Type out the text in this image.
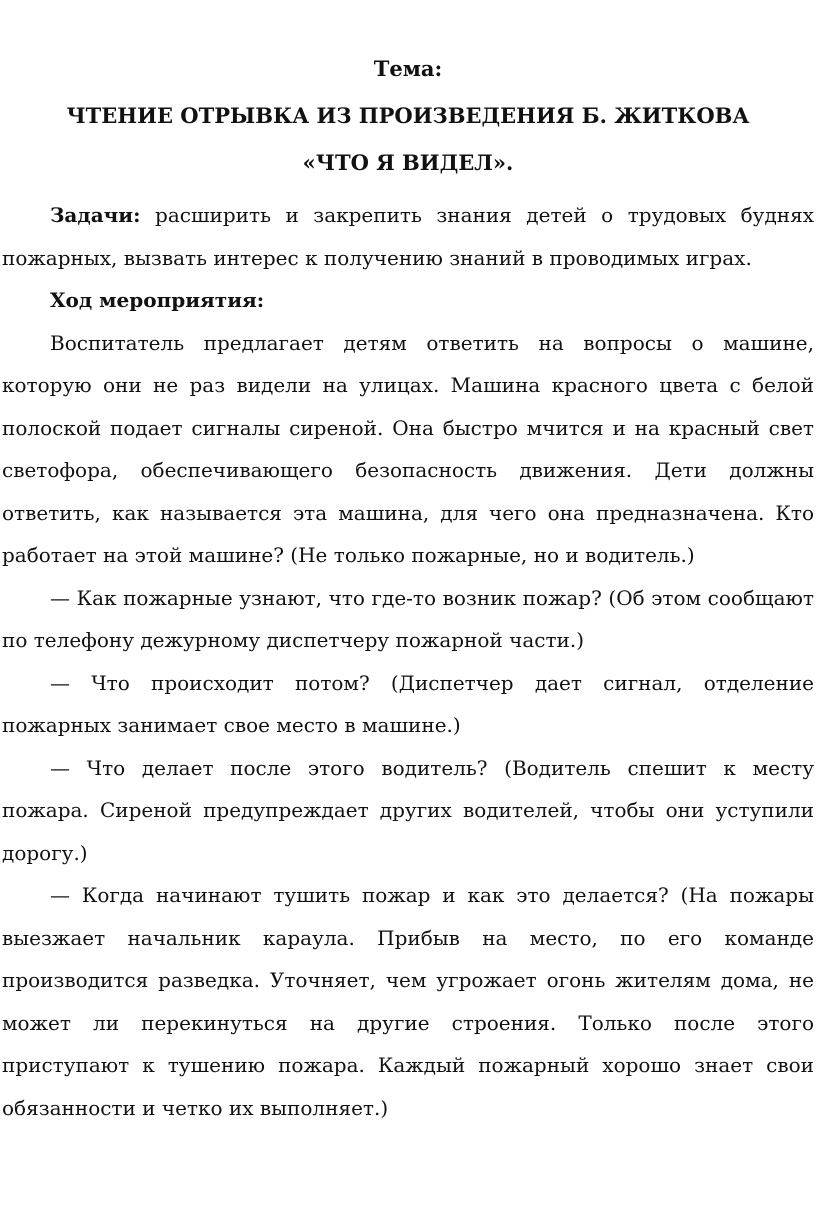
Тема:
ЧТЕНИЕ ОТРЫВКА ИЗ ПРОИЗВЕДЕНИЯ Б. ЖИТКОВА
«ЧТО Я ВИДЕЛ».

Задачи: расширить и закрепить знания детей о трудовых буднях пожарных, вызвать интерес к получению знаний в проводимых играх.

Ход мероприятия:

Воспитатель предлагает детям ответить на вопросы о машине, которую они не раз видели на улицах. Машина красного цвета с белой полоской подает сигналы сиреной. Она быстро мчится и на красный свет светофора, обеспечивающего безопасность движения. Дети должны ответить, как называется эта машина, для чего она предназначена. Кто работает на этой машине? (Не только пожарные, но и водитель.)

— Как пожарные узнают, что где-то возник пожар? (Об этом сообщают по телефону дежурному диспетчеру пожарной части.)

— Что происходит потом? (Диспетчер дает сигнал, отделение пожарных занимает свое место в машине.)

— Что делает после этого водитель? (Водитель спешит к месту пожара. Сиреной предупреждает других водителей, чтобы они уступили дорогу.)

— Когда начинают тушить пожар и как это делается? (На пожары выезжает начальник караула. Прибыв на место, по его команде производится разведка. Уточняет, чем угрожает огонь жителям дома, не может ли перекинуться на другие строения. Только после этого приступают к тушению пожара. Каждый пожарный хорошо знает свои обязанности и четко их выполняет.)
